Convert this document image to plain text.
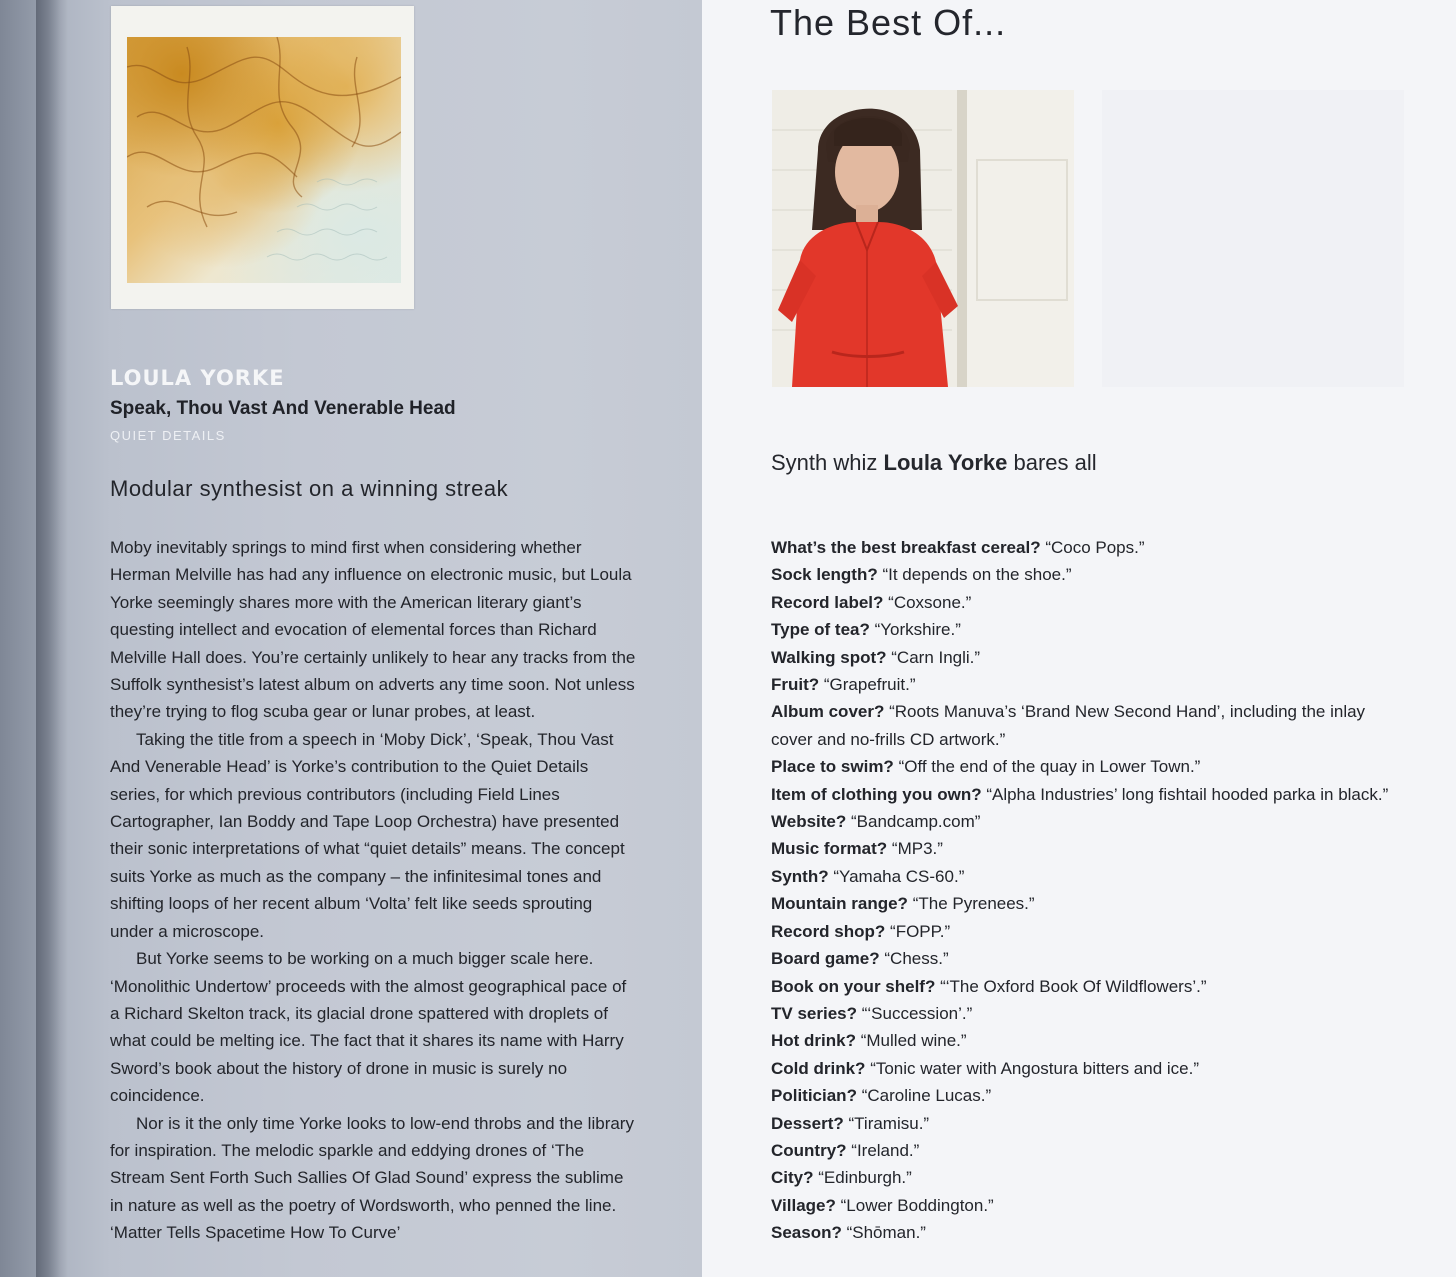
LOULA YORKE
Speak, Thou Vast And Venerable Head
QUIET DETAILS
Modular synthesist on a winning streak

Moby inevitably springs to mind first when considering whether Herman Melville has had any influence on electronic music, but Loula Yorke seemingly shares more with the American literary giant’s questing intellect and evocation of elemental forces than Richard Melville Hall does. You’re certainly unlikely to hear any tracks from the Suffolk synthesist’s latest album on adverts any time soon. Not unless they’re trying to flog scuba gear or lunar probes, at least.

Taking the title from a speech in ‘Moby Dick’, ‘Speak, Thou Vast And Venerable Head’ is Yorke’s contribution to the Quiet Details series, for which previous contributors (including Field Lines Cartographer, Ian Boddy and Tape Loop Orchestra) have presented their sonic interpretations of what “quiet details” means. The concept suits Yorke as much as the company – the infinitesimal tones and shifting loops of her recent album ‘Volta’ felt like seeds sprouting under a microscope.

But Yorke seems to be working on a much bigger scale here. ‘Monolithic Undertow’ proceeds with the almost geographical pace of a Richard Skelton track, its glacial drone spattered with droplets of what could be melting ice. The fact that it shares its name with Harry Sword’s book about the history of drone in music is surely no coincidence.

Nor is it the only time Yorke looks to low-end throbs and the library for inspiration. The melodic sparkle and eddying drones of ‘The Stream Sent Forth Such Sallies Of Glad Sound’ express the sublime in nature as well as the poetry of Wordsworth, who penned the line. ‘Matter Tells Spacetime How To Curve’

The Best Of...
Synth whiz Loula Yorke bares all

What’s the best breakfast cereal? “Coco Pops.”

Sock length? “It depends on the shoe.”

Record label? “Coxsone.”

Type of tea? “Yorkshire.”

Walking spot? “Carn Ingli.”

Fruit? “Grapefruit.”

Album cover? “Roots Manuva’s ‘Brand New Second Hand’, including the inlay cover and no-frills CD artwork.”

Place to swim? “Off the end of the quay in Lower Town.”

Item of clothing you own? “Alpha Industries’ long fishtail hooded parka in black.”

Website? “Bandcamp.com”

Music format? “MP3.”

Synth? “Yamaha CS-60.”

Mountain range? “The Pyrenees.”

Record shop? “FOPP.”

Board game? “Chess.”

Book on your shelf? “‘The Oxford Book Of Wildflowers’.”

TV series? “‘Succession’.”

Hot drink? “Mulled wine.”

Cold drink? “Tonic water with Angostura bitters and ice.”

Politician? “Caroline Lucas.”

Dessert? “Tiramisu.”

Country? “Ireland.”

City? “Edinburgh.”

Village? “Lower Boddington.”

Season? “Shōman.”
